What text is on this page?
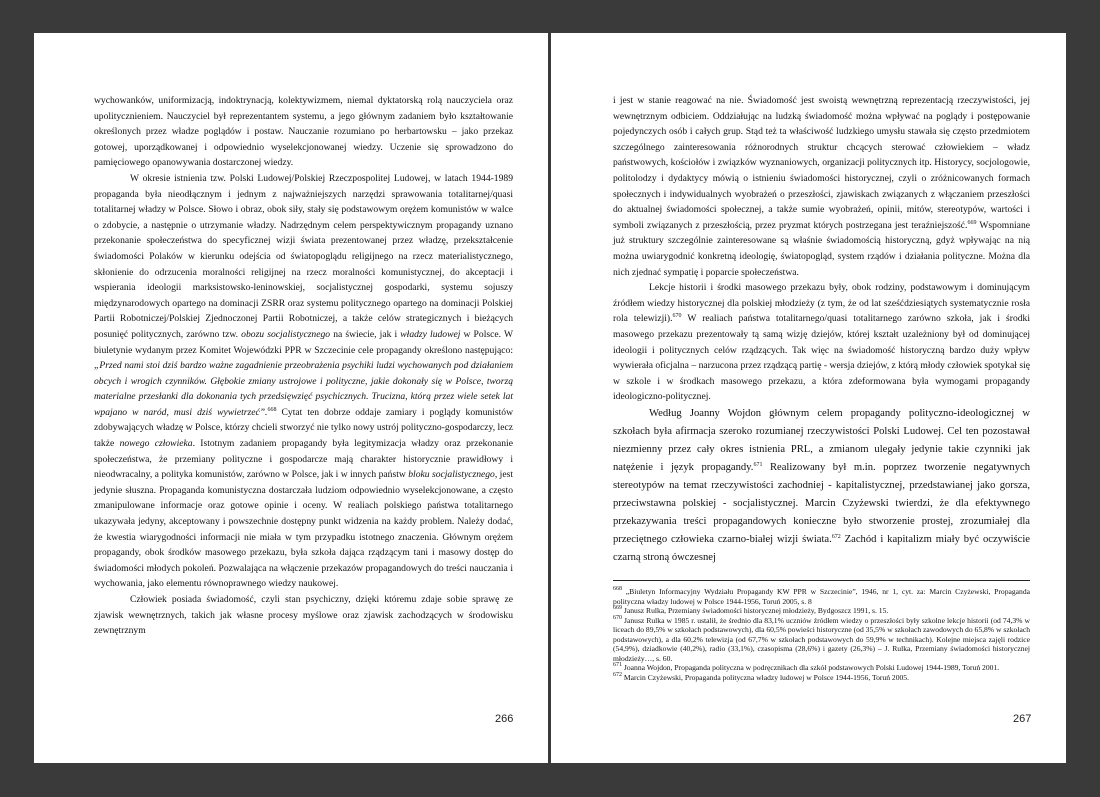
wychowanków, uniformizacją, indoktrynacją, kolektywizmem, niemal dyktatorską rolą nauczyciela oraz upolitycznieniem. Nauczyciel był reprezentantem systemu, a jego głównym zadaniem było kształtowanie określonych przez władze poglądów i postaw. Nauczanie rozumiano po herbartowsku – jako przekaz gotowej, uporządkowanej i odpowiednio wyselekcjonowanej wiedzy. Uczenie się sprowadzono do pamięciowego opanowywania dostarczonej wiedzy.

W okresie istnienia tzw. Polski Ludowej/Polskiej Rzeczpospolitej Ludowej, w latach 1944-1989 propaganda była nieodłącznym i jednym z najważniejszych narzędzi sprawowania totalitarnej/quasi totalitarnej władzy w Polsce. Słowo i obraz, obok siły, stały się podstawowym orężem komunistów w walce o zdobycie, a następnie o utrzymanie władzy. Nadrzędnym celem perspektywicznym propagandy uznano przekonanie społeczeństwa do specyficznej wizji świata prezentowanej przez władzę, przekształcenie świadomości Polaków w kierunku odejścia od światopoglądu religijnego na rzecz materialistycznego, skłonienie do odrzucenia moralności religijnej na rzecz moralności komunistycznej, do akceptacji i wspierania ideologii marksistowsko-leninowskiej, socjalistycznej gospodarki, systemu sojuszy międzynarodowych opartego na dominacji ZSRR oraz systemu politycznego opartego na dominacji Polskiej Partii Robotniczej/Polskiej Zjednoczonej Partii Robotniczej, a także celów strategicznych i bieżących posunięć politycznych, zarówno tzw. obozu socjalistycznego na świecie, jak i władzy ludowej w Polsce. W biuletynie wydanym przez Komitet Wojewódzki PPR w Szczecinie cele propagandy określono następująco: „Przed nami stoi dziś bardzo ważne zagadnienie przeobrażenia psychiki ludzi wychowanych pod działaniem obcych i wrogich czynników. Głębokie zmiany ustrojowe i polityczne, jakie dokonały się w Polsce, tworzą materialne przesłanki dla dokonania tych przedsięwzięć psychicznych. Trucizna, którą przez wiele setek lat wpajano w naród, musi dziś wywietrzeć”.$^{668}$ Cytat ten dobrze oddaje zamiary i poglądy komunistów zdobywających władzę w Polsce, którzy chcieli stworzyć nie tylko nowy ustrój polityczno-gospodarczy, lecz także nowego człowieka. Istotnym zadaniem propagandy była legitymizacja władzy oraz przekonanie społeczeństwa, że przemiany polityczne i gospodarcze mają charakter historycznie prawidłowy i nieodwracalny, a polityka komunistów, zarówno w Polsce, jak i w innych państw bloku socjalistycznego, jest jedynie słuszna. Propaganda komunistyczna dostarczała ludziom odpowiednio wyselekcjonowane, a często zmanipulowane informacje oraz gotowe opinie i oceny. W realiach polskiego państwa totalitarnego ukazywała jedyny, akceptowany i powszechnie dostępny punkt widzenia na każdy problem. Należy dodać, że kwestia wiarygodności informacji nie miała w tym przypadku istotnego znaczenia. Głównym orężem propagandy, obok środków masowego przekazu, była szkoła dająca rządzącym tani i masowy dostęp do świadomości młodych pokoleń. Pozwalająca na włączenie przekazów propagandowych do treści nauczania i wychowania, jako elementu równoprawnego wiedzy naukowej.

Człowiek posiada świadomość, czyli stan psychiczny, dzięki któremu zdaje sobie sprawę ze zjawisk wewnętrznych, takich jak własne procesy myślowe oraz zjawisk zachodzących w środowisku zewnętrznym

266

i jest w stanie reagować na nie. Świadomość jest swoistą wewnętrzną reprezentacją rzeczywistości, jej wewnętrznym odbiciem. Oddziałując na ludzką świadomość można wpływać na poglądy i postępowanie pojedynczych osób i całych grup. Stąd też ta właściwość ludzkiego umysłu stawała się często przedmiotem szczególnego zainteresowania różnorodnych struktur chcących sterować człowiekiem – władz państwowych, kościołów i związków wyznaniowych, organizacji politycznych itp. Historycy, socjologowie, politolodzy i dydaktycy mówią o istnieniu świadomości historycznej, czyli o zróżnicowanych formach społecznych i indywidualnych wyobrażeń o przeszłości, zjawiskach związanych z włączaniem przeszłości do aktualnej świadomości społecznej, a także sumie wyobrażeń, opinii, mitów, stereotypów, wartości i symboli związanych z przeszłością, przez pryzmat których postrzegana jest teraźniejszość.$^{669}$ Wspomniane już struktury szczególnie zainteresowane są właśnie świadomością historyczną, gdyż wpływając na nią można uwiarygodnić konkretną ideologię, światopogląd, system rządów i działania polityczne. Można dla nich zjednać sympatię i poparcie społeczeństwa.

Lekcje historii i środki masowego przekazu były, obok rodziny, podstawowym i dominującym źródłem wiedzy historycznej dla polskiej młodzieży (z tym, że od lat sześćdziesiątych systematycznie rosła rola telewizji).$^{670}$ W realiach państwa totalitarnego/quasi totalitarnego zarówno szkoła, jak i środki masowego przekazu prezentowały tą samą wizję dziejów, której kształt uzależniony był od dominującej ideologii i politycznych celów rządzących. Tak więc na świadomość historyczną bardzo duży wpływ wywierała oficjalna – narzucona przez rządzącą partię - wersja dziejów, z którą młody człowiek spotykał się w szkole i w środkach masowego przekazu, a która zdeformowana była wymogami propagandy ideologiczno-politycznej.

Według Joanny Wojdon głównym celem propagandy polityczno-ideologicznej w szkołach była afirmacja szeroko rozumianej rzeczywistości Polski Ludowej. Cel ten pozostawał niezmienny przez cały okres istnienia PRL, a zmianom ulegały jedynie takie czynniki jak natężenie i język propagandy.$^{671}$ Realizowany był m.in. poprzez tworzenie negatywnych stereotypów na temat rzeczywistości zachodniej - kapitalistycznej, przedstawianej jako gorsza, przeciwstawna polskiej - socjalistycznej. Marcin Czyżewski twierdzi, że dla efektywnego przekazywania treści propagandowych konieczne było stworzenie prostej, zrozumiałej dla przeciętnego człowieka czarno-białej wizji świata.$^{672}$ Zachód i kapitalizm miały być oczywiście czarną stroną ówczesnej

$^{668}$ „Biuletyn Informacyjny Wydziału Propagandy KW PPR w Szczecinie”, 1946, nr 1, cyt. za: Marcin Czyżewski, Propaganda polityczna władzy ludowej w Polsce 1944-1956, Toruń 2005, s. 8

$^{669}$ Janusz Rulka, Przemiany świadomości historycznej młodzieży, Bydgoszcz 1991, s. 15.

$^{670}$ Janusz Rulka w 1985 r. ustalił, że średnio dla 83,1% uczniów źródłem wiedzy o przeszłości były szkolne lekcje historii (od 74,3% w liceach do 89,5% w szkołach podstawowych), dla 60,5% powieści historyczne (od 35,5% w szkołach zawodowych do 65,8% w szkołach podstawowych), a dla 60,2% telewizja (od 67,7% w szkołach podstawowych do 59,9% w technikach). Kolejne miejsca zajęli rodzice (54,9%), dziadkowie (40,2%), radio (33,1%), czasopisma (28,6%) i gazety (26,3%) – J. Rulka, Przemiany świadomości historycznej młodzieży…, s. 60.

$^{671}$ Joanna Wojdon, Propaganda polityczna w podręcznikach dla szkół podstawowych Polski Ludowej 1944-1989, Toruń 2001.

$^{672}$ Marcin Czyżewski, Propaganda polityczna władzy ludowej w Polsce 1944-1956, Toruń 2005.

267
